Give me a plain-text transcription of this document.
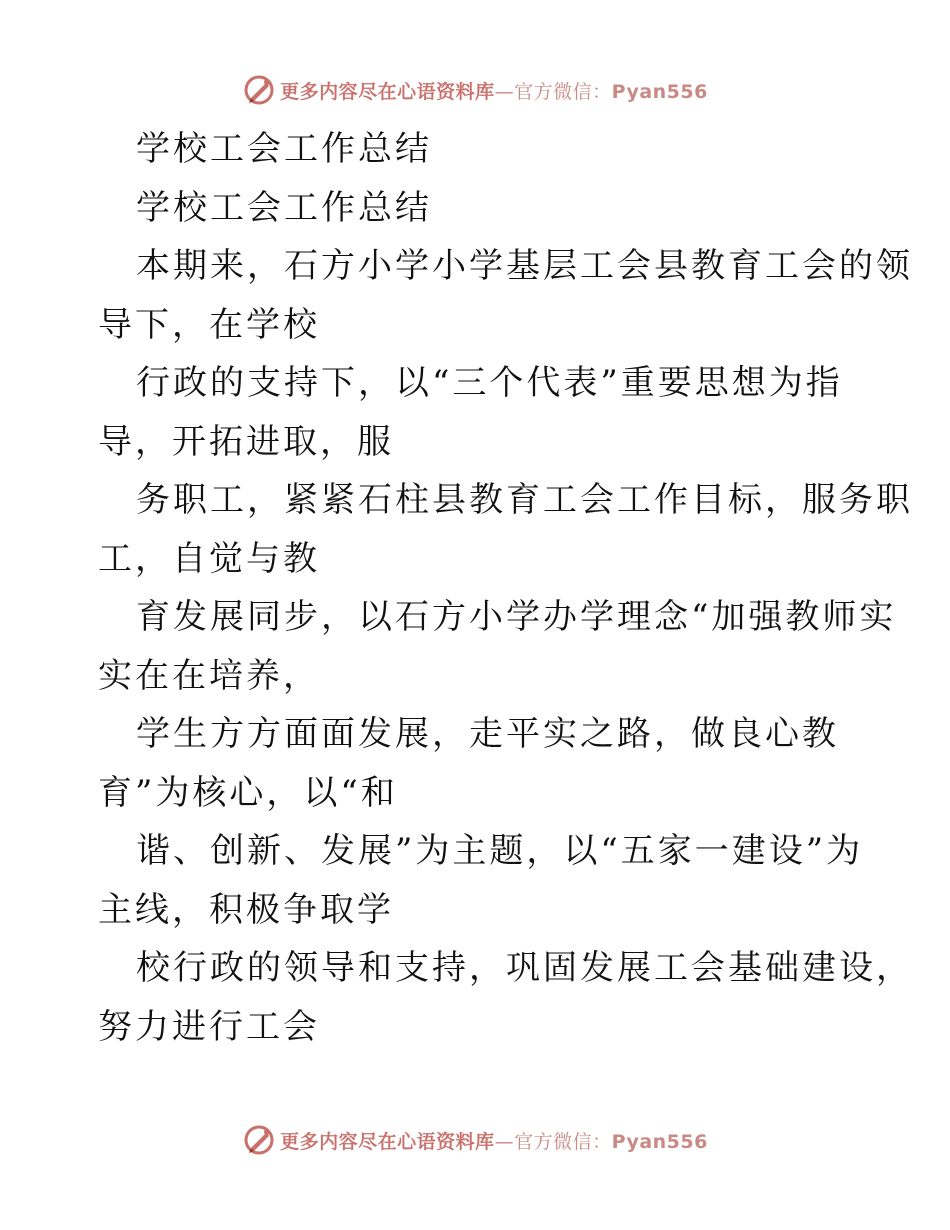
更多内容尽在心语资料库—官方微信：Pyan556
学校工会工作总结
学校工会工作总结
本期来，石方小学小学基层工会县教育工会的领
导下，在学校
行政的支持下，以“三个代表”重要思想为指
导，开拓进取，服
务职工，紧紧石柱县教育工会工作目标，服务职
工，自觉与教
育发展同步，以石方小学办学理念“加强教师实
实在在培养，
学生方方面面发展，走平实之路，做良心教
育”为核心，以“和
谐、创新、发展”为主题，以“五家一建设”为
主线，积极争取学
校行政的领导和支持，巩固发展工会基础建设，
努力进行工会
更多内容尽在心语资料库—官方微信：Pyan556
